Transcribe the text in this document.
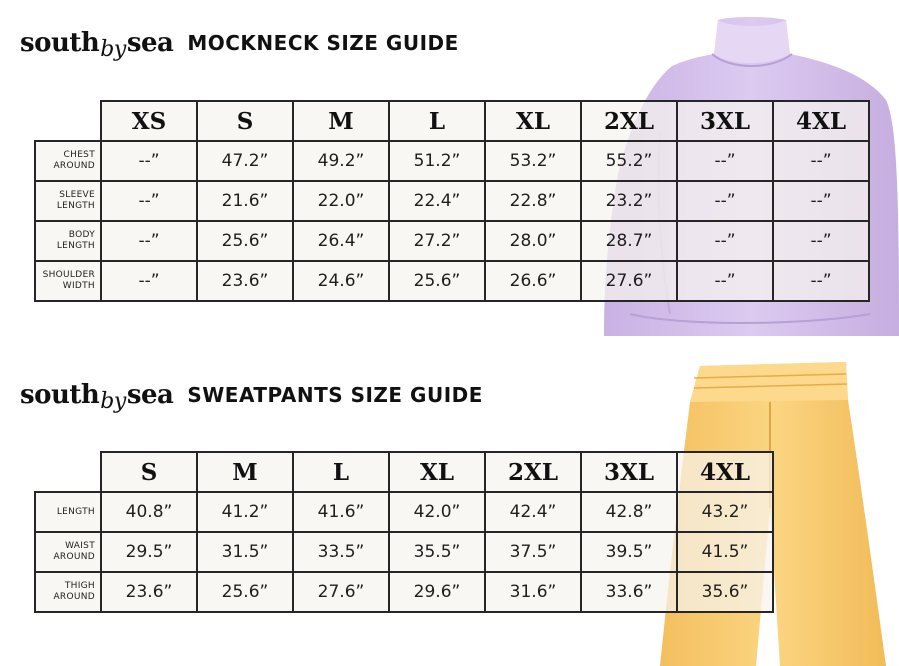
south by sea MOCKNECK SIZE GUIDE
	XS	S	M	L	XL	2XL	3XL	4XL
CHEST
AROUND	--”	47.2”	49.2”	51.2”	53.2”	55.2”	--”	--”
SLEEVE
LENGTH	--”	21.6”	22.0”	22.4”	22.8”	23.2”	--”	--”
BODY
LENGTH	--”	25.6”	26.4”	27.2”	28.0”	28.7”	--”	--”
SHOULDER
WIDTH	--”	23.6”	24.6”	25.6”	26.6”	27.6”	--”	--”
south by sea SWEATPANTS SIZE GUIDE
	S	M	L	XL	2XL	3XL	4XL
LENGTH	40.8”	41.2”	41.6”	42.0”	42.4”	42.8”	43.2”
WAIST
AROUND	29.5”	31.5”	33.5”	35.5”	37.5”	39.5”	41.5”
THIGH
AROUND	23.6”	25.6”	27.6”	29.6”	31.6”	33.6”	35.6”
